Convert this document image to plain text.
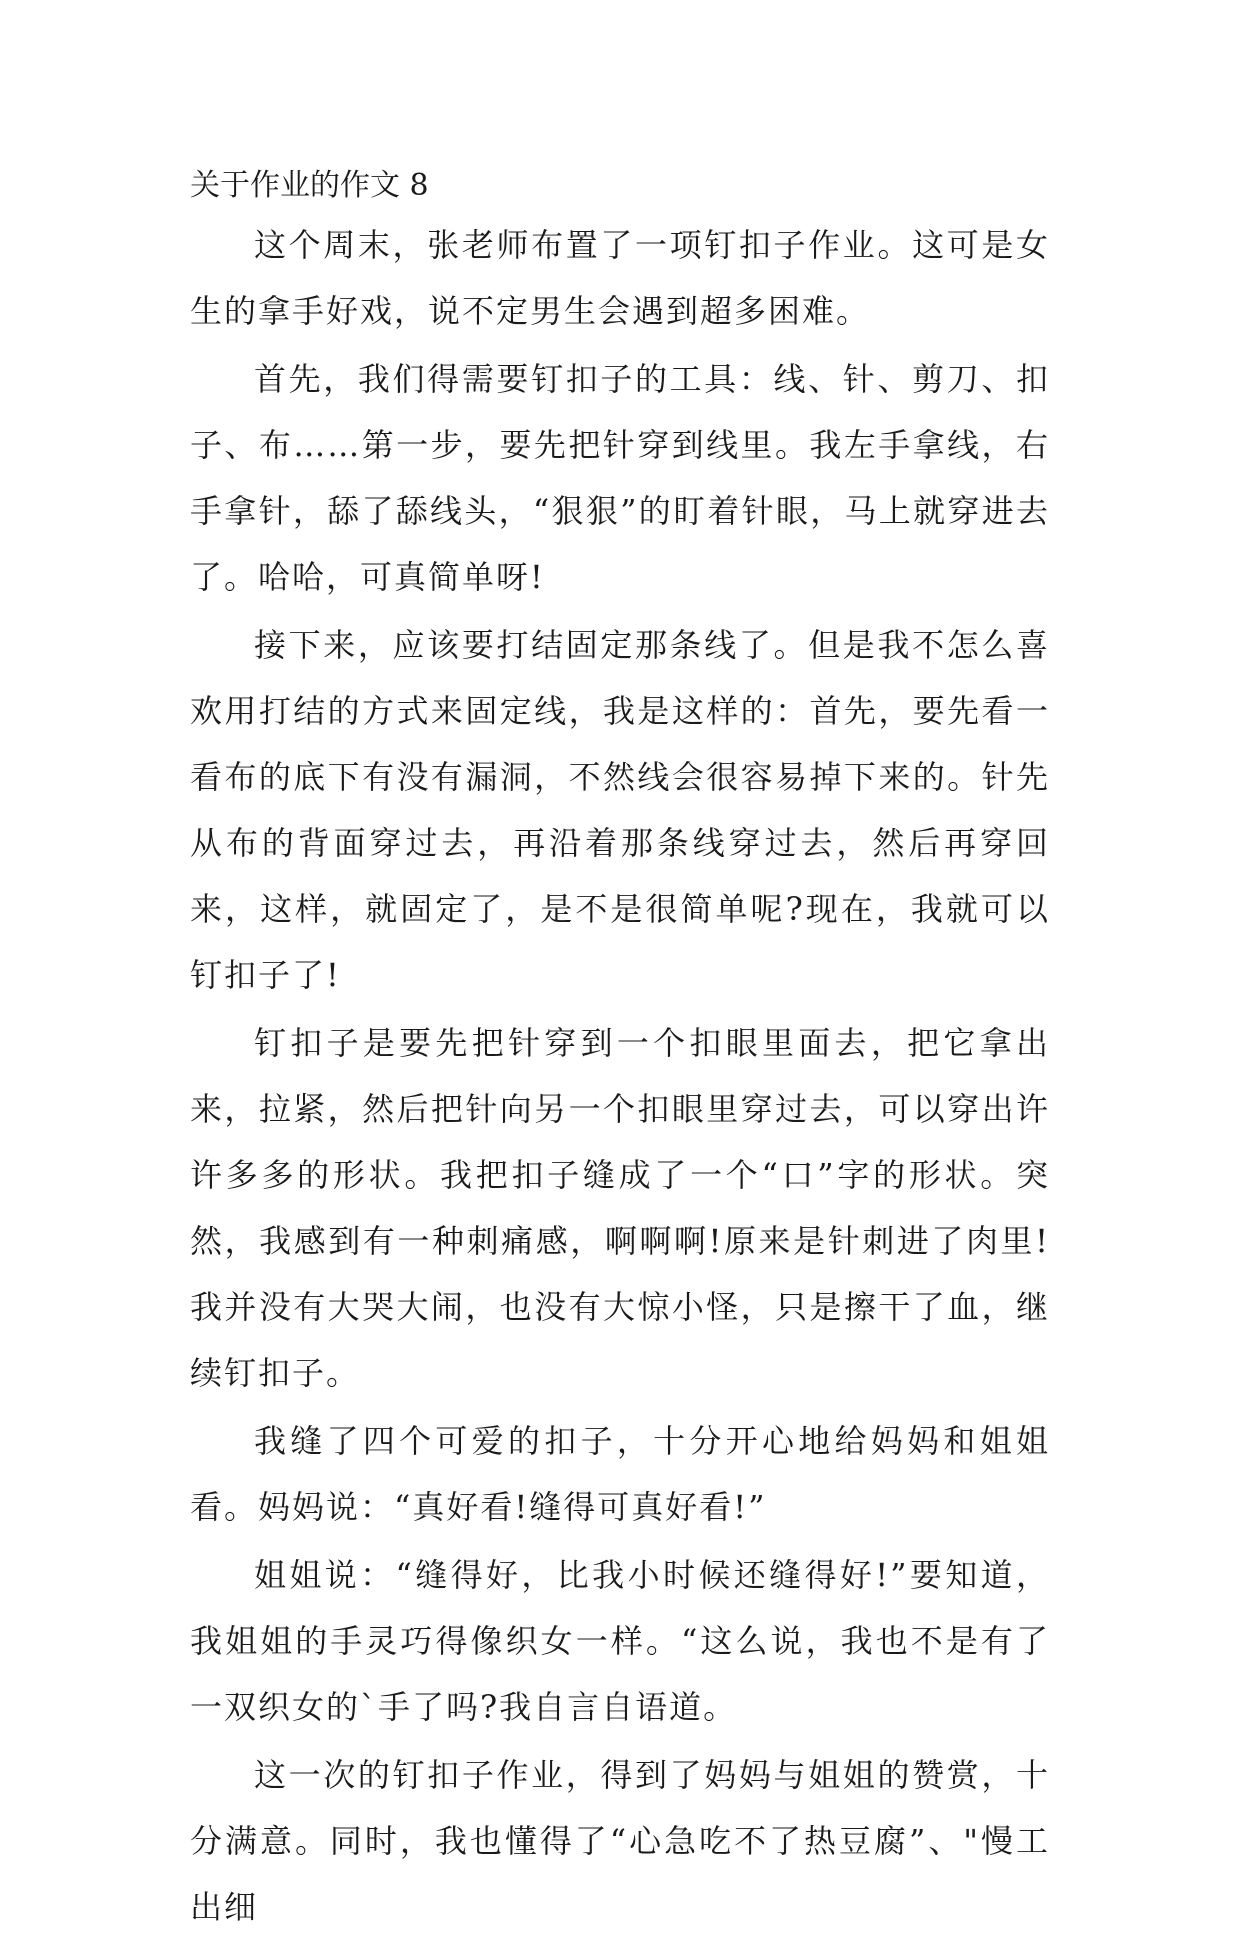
关于作业的作文 8

这个周末，张老师布置了一项钉扣子作业。这可是女生的拿手好戏，说不定男生会遇到超多困难。

首先，我们得需要钉扣子的工具：线、针、剪刀、扣子、布……第一步，要先把针穿到线里。我左手拿线，右手拿针，舔了舔线头，“狠狠”的盯着针眼，马上就穿进去了。哈哈，可真简单呀!

接下来，应该要打结固定那条线了。但是我不怎么喜欢用打结的方式来固定线，我是这样的：首先，要先看一看布的底下有没有漏洞，不然线会很容易掉下来的。针先从布的背面穿过去，再沿着那条线穿过去，然后再穿回来，这样，就固定了，是不是很简单呢?现在，我就可以钉扣子了!

钉扣子是要先把针穿到一个扣眼里面去，把它拿出来，拉紧，然后把针向另一个扣眼里穿过去，可以穿出许许多多的形状。我把扣子缝成了一个“口”字的形状。突然，我感到有一种刺痛感，啊啊啊!原来是针刺进了肉里!我并没有大哭大闹，也没有大惊小怪，只是擦干了血，继续钉扣子。

我缝了四个可爱的扣子，十分开心地给妈妈和姐姐看。妈妈说：“真好看!缝得可真好看!”

姐姐说：“缝得好，比我小时候还缝得好!”要知道，我姐姐的手灵巧得像织女一样。“这么说，我也不是有了一双织女的`手了吗?我自言自语道。

这一次的钉扣子作业，得到了妈妈与姐姐的赞赏，十分满意。同时，我也懂得了“心急吃不了热豆腐”、"慢工出细
